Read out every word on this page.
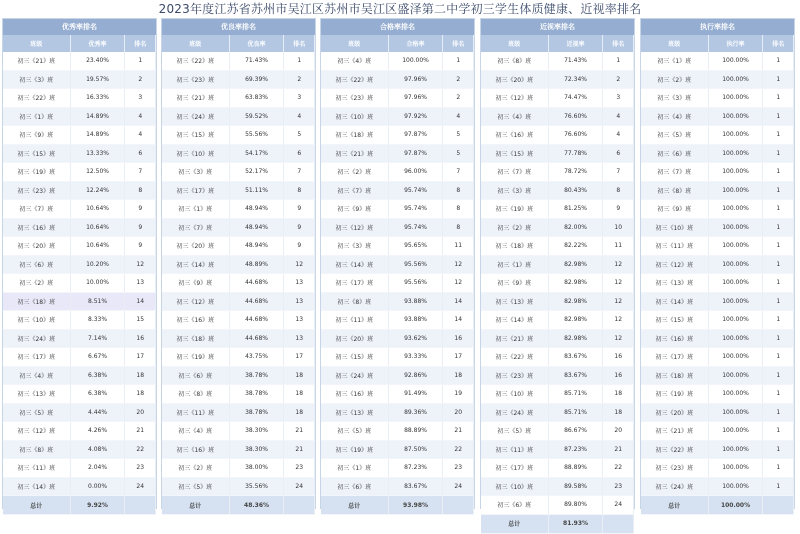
2023年度江苏省苏州市吴江区苏州市吴江区盛泽第二中学初三学生体质健康、近视率排名
优秀率排名
班级	优秀率	排名
初三《21》班	23.40%	1
初三《3》班	19.57%	2
初三《22》班	16.33%	3
初三《1》班	14.89%	4
初三《9》班	14.89%	4
初三《15》班	13.33%	6
初三《19》班	12.50%	7
初三《23》班	12.24%	8
初三《7》班	10.64%	9
初三《16》班	10.64%	9
初三《20》班	10.64%	9
初三《6》班	10.20%	12
初三《2》班	10.00%	13
初三《18》班	8.51%	14
初三《10》班	8.33%	15
初三《24》班	7.14%	16
初三《17》班	6.67%	17
初三《4》班	6.38%	18
初三《13》班	6.38%	18
初三《5》班	4.44%	20
初三《12》班	4.26%	21
初三《8》班	4.08%	22
初三《11》班	2.04%	23
初三《14》班	0.00%	24
总计	9.92%	
优良率排名
班级	优良率	排名
初三《22》班	71.43%	1
初三《23》班	69.39%	2
初三《21》班	63.83%	3
初三《24》班	59.52%	4
初三《15》班	55.56%	5
初三《10》班	54.17%	6
初三《3》班	52.17%	7
初三《17》班	51.11%	8
初三《1》班	48.94%	9
初三《7》班	48.94%	9
初三《20》班	48.94%	9
初三《14》班	48.89%	12
初三《9》班	44.68%	13
初三《12》班	44.68%	13
初三《16》班	44.68%	13
初三《18》班	44.68%	13
初三《19》班	43.75%	17
初三《6》班	38.78%	18
初三《8》班	38.78%	18
初三《11》班	38.78%	18
初三《4》班	38.30%	21
初三《16》班	38.30%	21
初三《2》班	38.00%	23
初三《5》班	35.56%	24
总计	48.36%	
合格率排名
班级	合格率	排名
初三《4》班	100.00%	1
初三《22》班	97.96%	2
初三《23》班	97.96%	2
初三《10》班	97.92%	4
初三《18》班	97.87%	5
初三《21》班	97.87%	5
初三《2》班	96.00%	7
初三《7》班	95.74%	8
初三《9》班	95.74%	8
初三《12》班	95.74%	8
初三《3》班	95.65%	11
初三《14》班	95.56%	12
初三《17》班	95.56%	12
初三《8》班	93.88%	14
初三《11》班	93.88%	14
初三《20》班	93.62%	16
初三《15》班	93.33%	17
初三《24》班	92.86%	18
初三《16》班	91.49%	19
初三《13》班	89.36%	20
初三《5》班	88.89%	21
初三《19》班	87.50%	22
初三《1》班	87.23%	23
初三《6》班	83.67%	24
总计	93.98%	
近视率排名
班级	近视率	排名
初三《8》班	71.43%	1
初三《20》班	72.34%	2
初三《12》班	74.47%	3
初三《4》班	76.60%	4
初三《16》班	76.60%	4
初三《15》班	77.78%	6
初三《7》班	78.72%	7
初三《3》班	80.43%	8
初三《19》班	81.25%	9
初三《2》班	82.00%	10
初三《18》班	82.22%	11
初三《1》班	82.98%	12
初三《9》班	82.98%	12
初三《13》班	82.98%	12
初三《14》班	82.98%	12
初三《21》班	82.98%	12
初三《22》班	83.67%	16
初三《23》班	83.67%	16
初三《10》班	85.71%	18
初三《24》班	85.71%	18
初三《5》班	86.67%	20
初三《11》班	87.23%	21
初三《17》班	88.89%	22
初三《10》班	89.58%	23
初三《6》班	89.80%	24
总计	81.93%	
执行率排名
班级	执行率	排名
初三《1》班	100.00%	1
初三《2》班	100.00%	1
初三《3》班	100.00%	1
初三《4》班	100.00%	1
初三《5》班	100.00%	1
初三《6》班	100.00%	1
初三《7》班	100.00%	1
初三《8》班	100.00%	1
初三《9》班	100.00%	1
初三《10》班	100.00%	1
初三《11》班	100.00%	1
初三《12》班	100.00%	1
初三《13》班	100.00%	1
初三《14》班	100.00%	1
初三《15》班	100.00%	1
初三《16》班	100.00%	1
初三《17》班	100.00%	1
初三《18》班	100.00%	1
初三《19》班	100.00%	1
初三《20》班	100.00%	1
初三《21》班	100.00%	1
初三《22》班	100.00%	1
初三《23》班	100.00%	1
初三《24》班	100.00%	1
总计	100.00%	
